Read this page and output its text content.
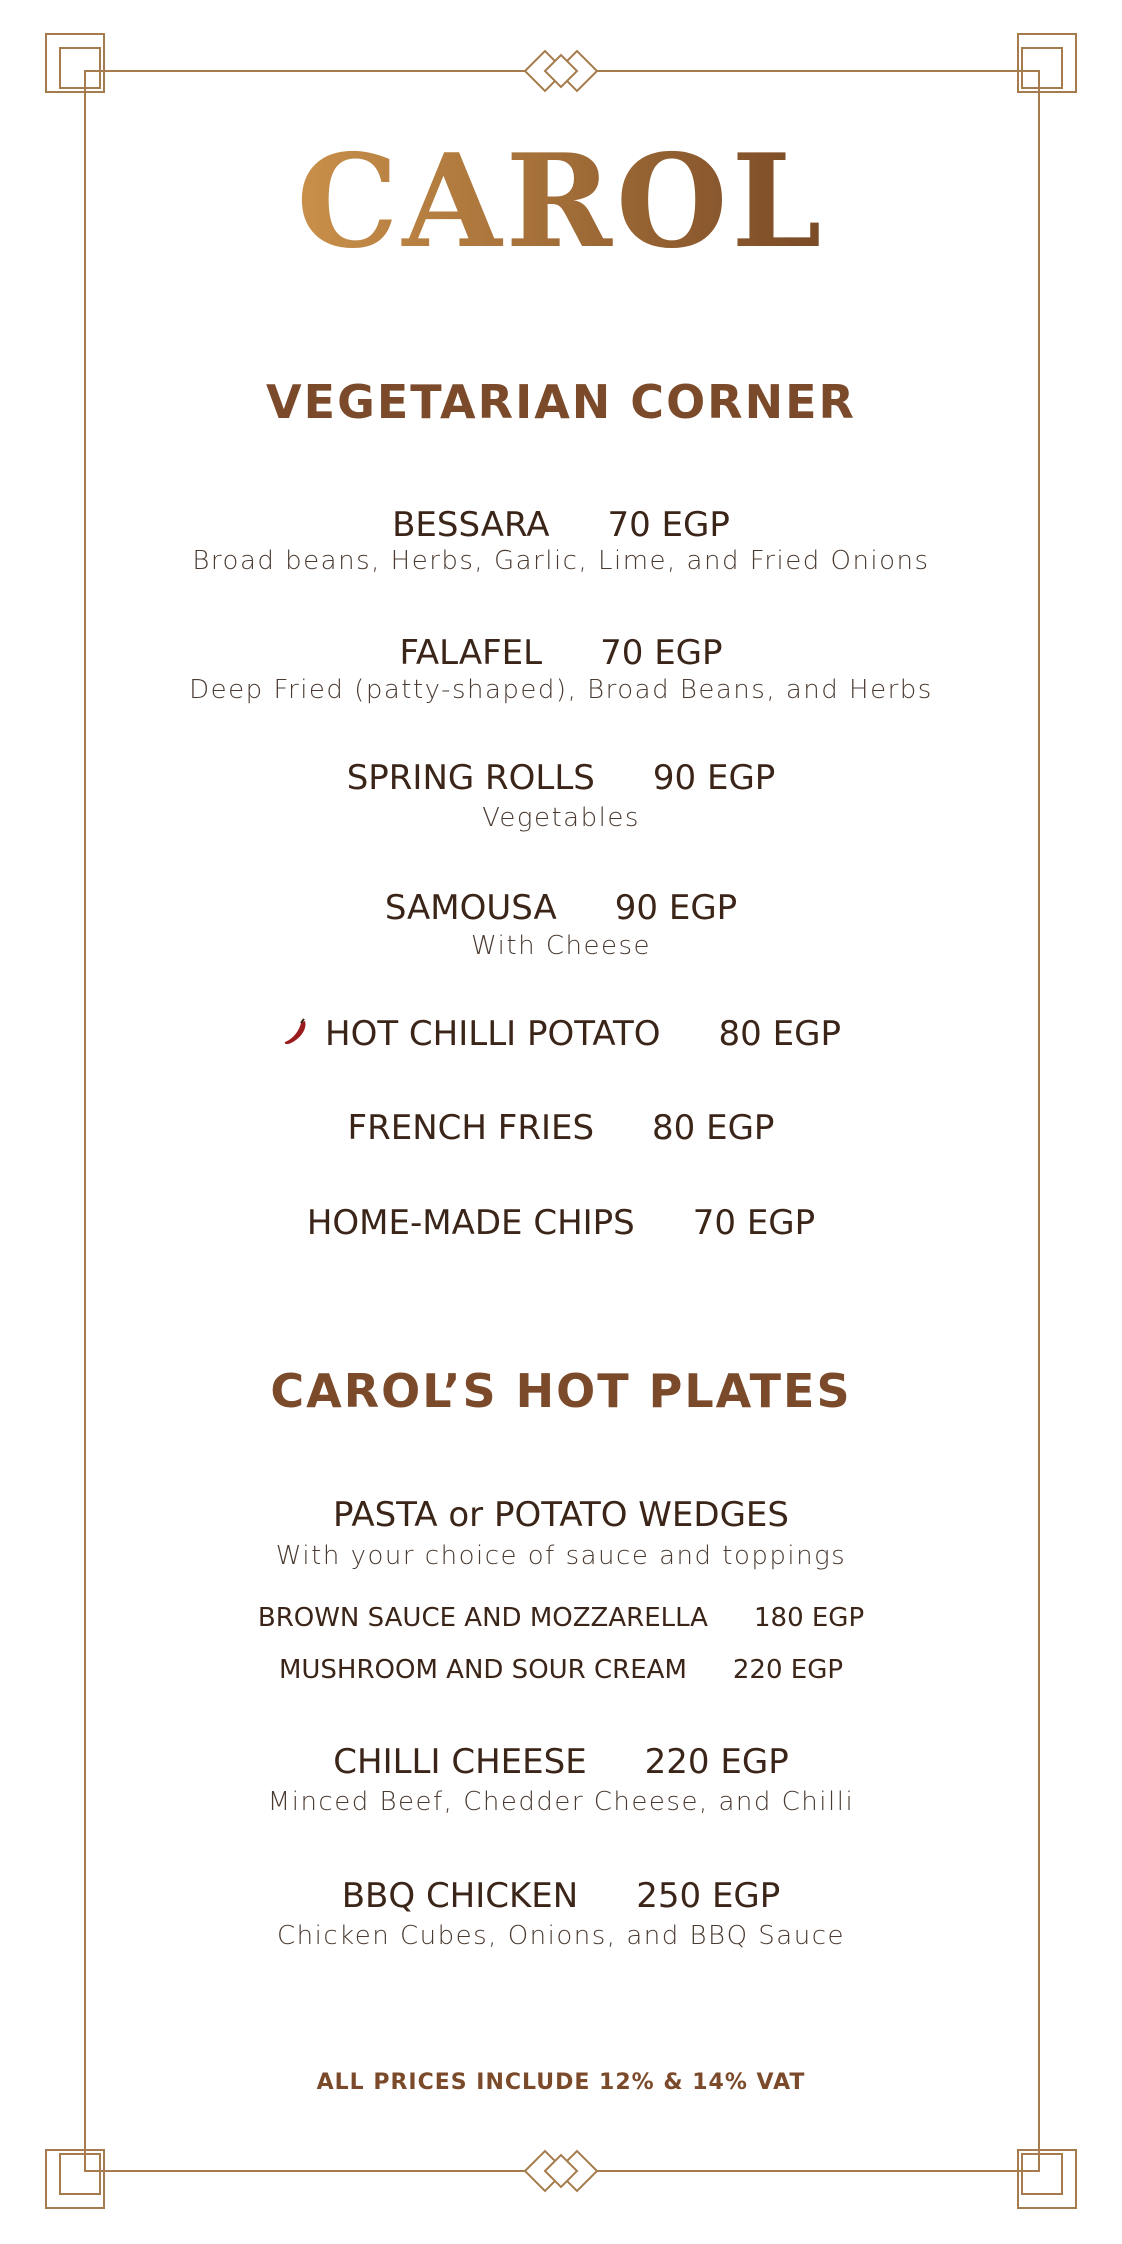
CAROL
VEGETARIAN CORNER
BESSARA 70 EGP
Broad beans, Herbs, Garlic, Lime, and Fried Onions
FALAFEL 70 EGP
Deep Fried (patty-shaped), Broad Beans, and Herbs
SPRING ROLLS 90 EGP
Vegetables
SAMOUSA 90 EGP
With Cheese
HOT CHILLI POTATO 80 EGP
FRENCH FRIES 80 EGP
HOME-MADE CHIPS 70 EGP
CAROL’S HOT PLATES
PASTA or POTATO WEDGES
With your choice of sauce and toppings
BROWN SAUCE AND MOZZARELLA 180 EGP
MUSHROOM AND SOUR CREAM 220 EGP
CHILLI CHEESE 220 EGP
Minced Beef, Chedder Cheese, and Chilli
BBQ CHICKEN 250 EGP
Chicken Cubes, Onions, and BBQ Sauce
ALL PRICES INCLUDE 12% & 14% VAT
